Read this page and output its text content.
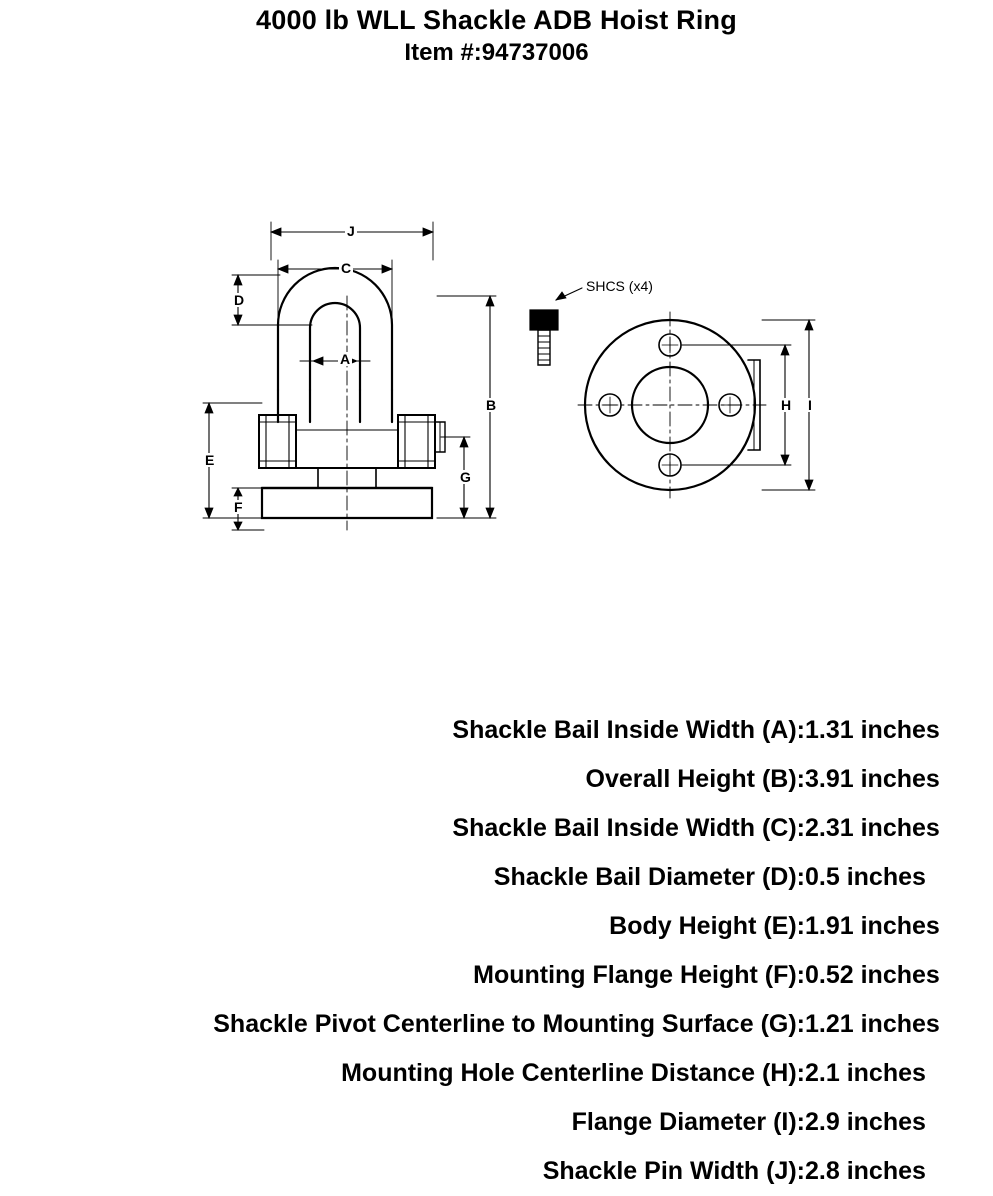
4000 lb WLL Shackle ADB Hoist Ring
Item #:94737006
J
C
A
D
E
F
B
G
H I
SHCS (x4)
Shackle Bail Inside Width (A):	1.31 inches
Overall Height (B):	3.91 inches
Shackle Bail Inside Width (C):	2.31 inches
Shackle Bail Diameter (D):	0.5 inches
Body Height (E):	1.91 inches
Mounting Flange Height (F):	0.52 inches
Shackle Pivot Centerline to Mounting Surface (G):	1.21 inches
Mounting Hole Centerline Distance (H):	2.1 inches
Flange Diameter (I):	2.9 inches
Shackle Pin Width (J):	2.8 inches
